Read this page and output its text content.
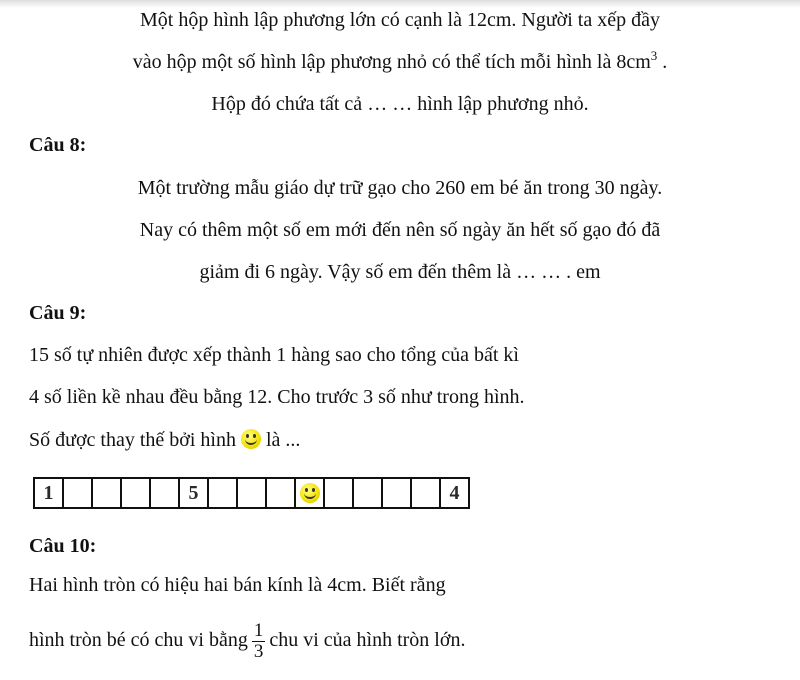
Một hộp hình lập phương lớn có cạnh là 12cm. Người ta xếp đầy
vào hộp một số hình lập phương nhỏ có thể tích mỗi hình là $8cm^3$ .
Hộp đó chứa tất cả … … hình lập phương nhỏ.
Câu 8:
Một trường mẫu giáo dự trữ gạo cho 260 em bé ăn trong 30 ngày.
Nay có thêm một số em mới đến nên số ngày ăn hết số gạo đó đã
giảm đi 6 ngày. Vậy số em đến thêm là … … . em
Câu 9:
15 số tự nhiên được xếp thành 1 hàng sao cho tổng của bất kì
4 số liền kề nhau đều bằng 12. Cho trước 3 số như trong hình.
Số được thay thế bởi hình  là ...
1	5	4
Câu 10:
Hai hình tròn có hiệu hai bán kính là 4cm. Biết rằng
hình tròn bé có chu vi bằng $\frac{1}{3}$ chu vi của hình tròn lớn.
